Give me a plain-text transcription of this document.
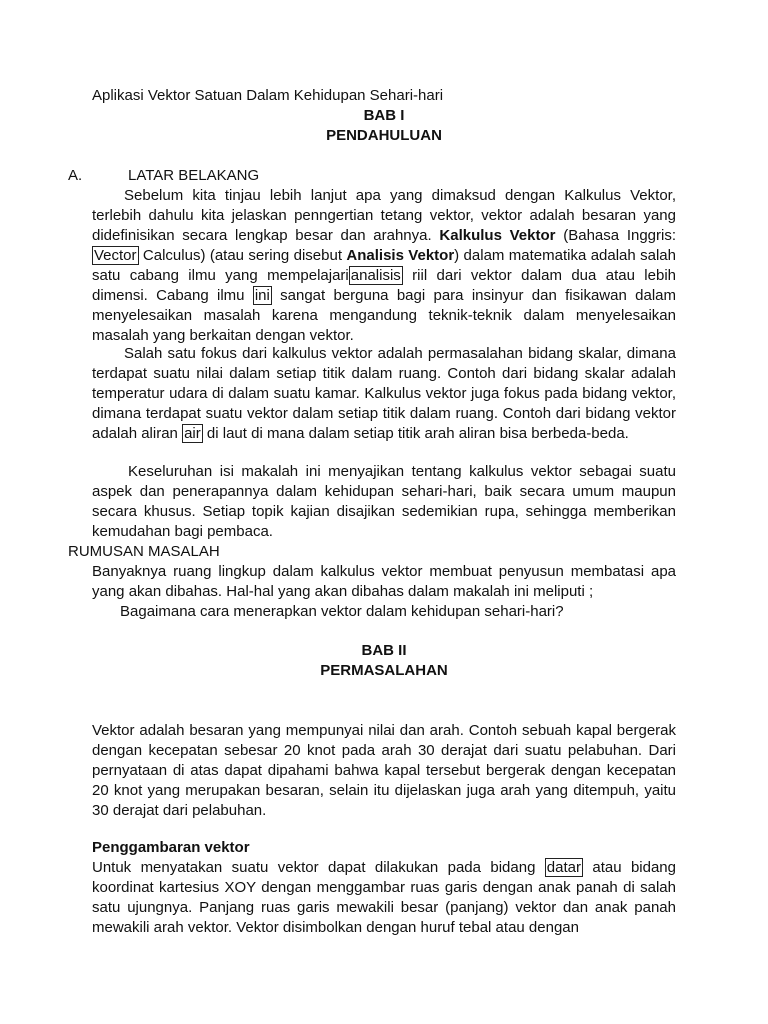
Aplikasi Vektor Satuan Dalam Kehidupan Sehari-hari
BAB I
PENDAHULUAN
A.	LATAR BELAKANG

Sebelum kita tinjau lebih lanjut apa yang dimaksud dengan Kalkulus Vektor, terlebih dahulu kita jelaskan penngertian tetang vektor, vektor adalah besaran yang didefinisikan secara lengkap besar dan arahnya. Kalkulus Vektor (Bahasa Inggris: Vector Calculus) (atau sering disebut Analisis Vektor) dalam matematika adalah salah satu cabang ilmu yang mempelajari analisis riil dari vektor dalam dua atau lebih dimensi. Cabang ilmu ini sangat berguna bagi para insinyur dan fisikawan dalam menyelesaikan masalah karena mengandung teknik-teknik dalam menyelesaikan masalah yang berkaitan dengan vektor.

Salah satu fokus dari kalkulus vektor adalah permasalahan bidang skalar, dimana terdapat suatu nilai dalam setiap titik dalam ruang. Contoh dari bidang skalar adalah temperatur udara di dalam suatu kamar. Kalkulus vektor juga fokus pada bidang vektor, dimana terdapat suatu vektor dalam setiap titik dalam ruang. Contoh dari bidang vektor adalah aliran air di laut di mana dalam setiap titik arah aliran bisa berbeda-beda.

Keseluruhan isi makalah ini menyajikan tentang kalkulus vektor sebagai suatu aspek dan penerapannya dalam kehidupan sehari-hari, baik secara umum maupun secara khusus. Setiap topik kajian disajikan sedemikian rupa, sehingga memberikan kemudahan bagi pembaca.

RUMUSAN MASALAH

Banyaknya ruang lingkup dalam kalkulus vektor membuat penyusun membatasi apa yang akan dibahas. Hal-hal yang akan dibahas dalam makalah ini meliputi ;

Bagaimana cara menerapkan vektor dalam kehidupan sehari-hari?
BAB II
PERMASALAHAN

Vektor adalah besaran yang mempunyai nilai dan arah. Contoh sebuah kapal bergerak dengan kecepatan sebesar 20 knot pada arah 30 derajat dari suatu pelabuhan. Dari pernyataan di atas dapat dipahami bahwa kapal tersebut bergerak dengan kecepatan 20 knot yang merupakan besaran, selain itu dijelaskan juga arah yang ditempuh, yaitu 30 derajat dari pelabuhan.

Penggambaran vektor

Untuk menyatakan suatu vektor dapat dilakukan pada bidang datar atau bidang koordinat kartesius XOY dengan menggambar ruas garis dengan anak panah di salah satu ujungnya. Panjang ruas garis mewakili besar (panjang) vektor dan anak panah mewakili arah vektor. Vektor disimbolkan dengan huruf tebal atau dengan
